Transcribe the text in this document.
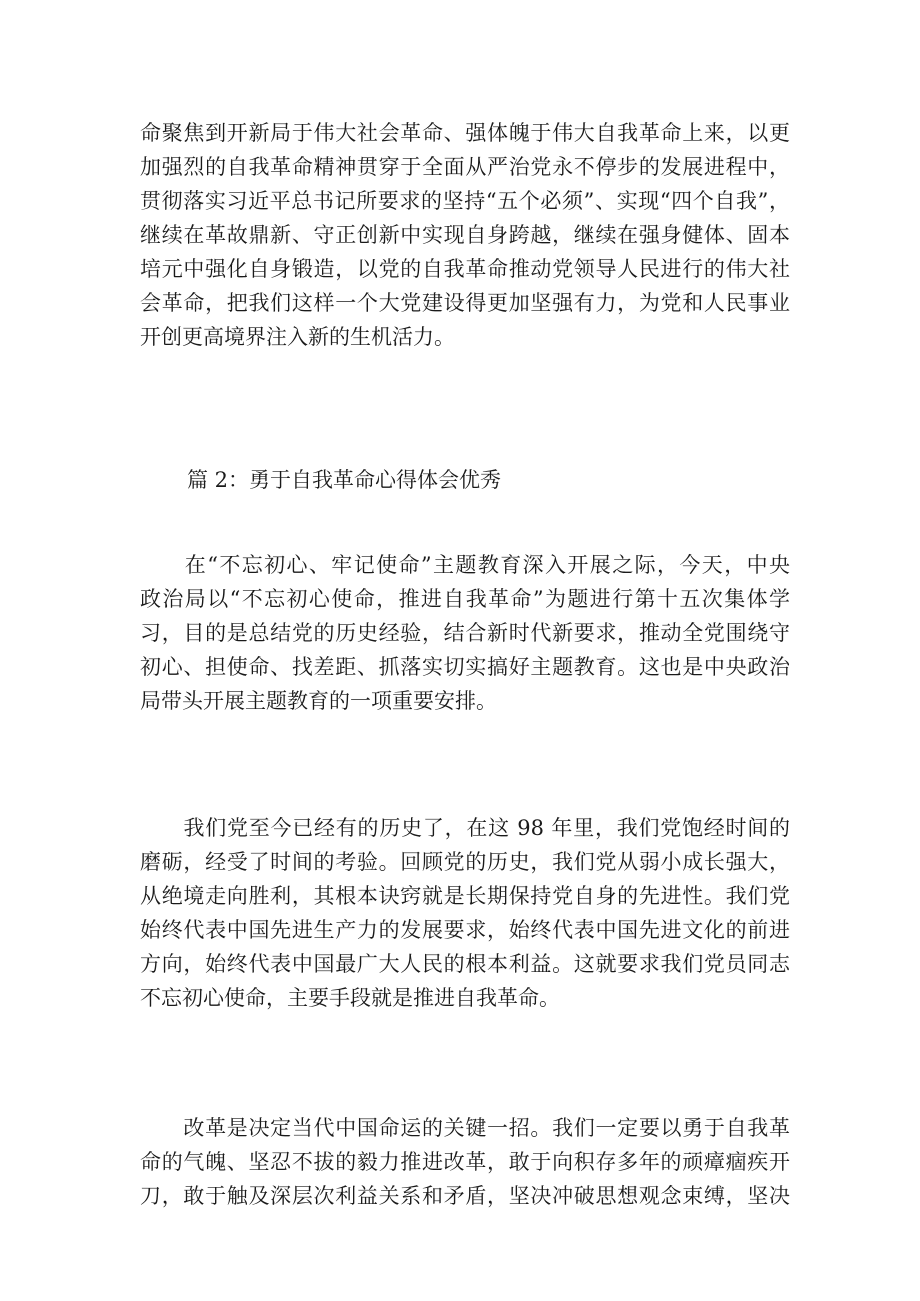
命聚焦到开新局于伟大社会革命、强体魄于伟大自我革命上来，以更
加强烈的自我革命精神贯穿于全面从严治党永不停步的发展进程中，
贯彻落实习近平总书记所要求的坚持“五个必须”、实现“四个自我”，
继续在革故鼎新、守正创新中实现自身跨越，继续在强身健体、固本
培元中强化自身锻造，以党的自我革命推动党领导人民进行的伟大社
会革命，把我们这样一个大党建设得更加坚强有力，为党和人民事业
开创更高境界注入新的生机活力。
篇 2：勇于自我革命心得体会优秀
　　在“不忘初心、牢记使命”主题教育深入开展之际，今天，中央
政治局以“不忘初心使命，推进自我革命”为题进行第十五次集体学
习，目的是总结党的历史经验，结合新时代新要求，推动全党围绕守
初心、担使命、找差距、抓落实切实搞好主题教育。这也是中央政治
局带头开展主题教育的一项重要安排。
　　我们党至今已经有的历史了，在这 98 年里，我们党饱经时间的
磨砺，经受了时间的考验。回顾党的历史，我们党从弱小成长强大，
从绝境走向胜利，其根本诀窍就是长期保持党自身的先进性。我们党
始终代表中国先进生产力的发展要求，始终代表中国先进文化的前进
方向，始终代表中国最广大人民的根本利益。这就要求我们党员同志
不忘初心使命，主要手段就是推进自我革命。
　　改革是决定当代中国命运的关键一招。我们一定要以勇于自我革
命的气魄、坚忍不拔的毅力推进改革，敢于向积存多年的顽瘴痼疾开
刀，敢于触及深层次利益关系和矛盾，坚决冲破思想观念束缚，坚决
